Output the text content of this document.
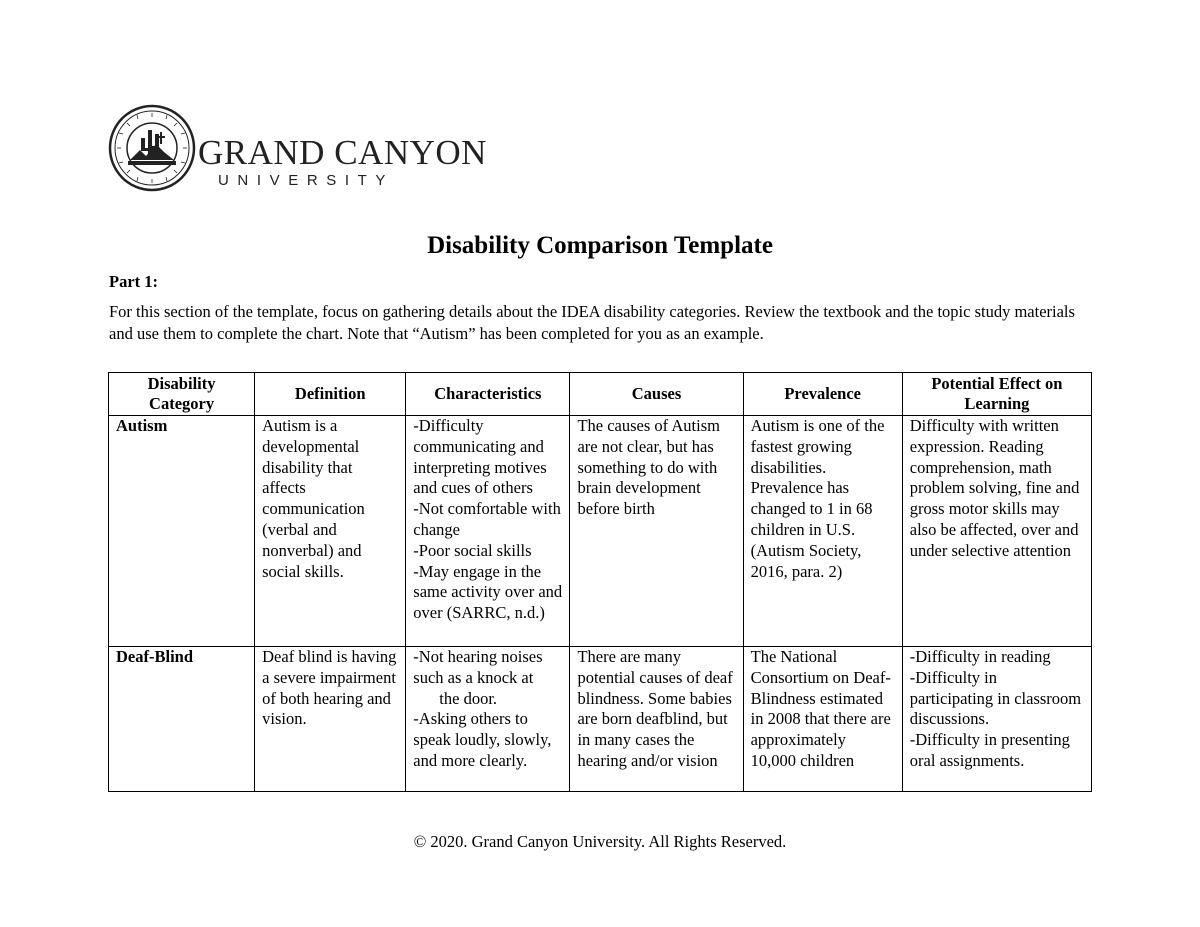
GRAND CANYON
UNIVERSITY
Disability Comparison Template
Part 1:
For this section of the template, focus on gathering details about the IDEA disability categories. Review the textbook and the topic study materials and use them to complete the chart. Note that “Autism” has been completed for you as an example.
Disability Category	Definition	Characteristics	Causes	Prevalence	Potential Effect on Learning
Autism	Autism is a developmental disability that affects communication (verbal and nonverbal) and social skills.	-Difficulty communicating and interpreting motives and cues of others
-Not comfortable with change
-Poor social skills
-May engage in the same activity over and over (SARRC, n.d.)	The causes of Autism are not clear, but has something to do with brain development before birth	Autism is one of the fastest growing disabilities. Prevalence has changed to 1 in 68 children in U.S. (Autism Society, 2016, para. 2)	Difficulty with written expression. Reading comprehension, math problem solving, fine and gross motor skills may also be affected, over and under selective attention

Deaf-Blind	Deaf blind is having a severe impairment of both hearing and vision.	-Not hearing noises such as a knock at
the door.
-Asking others to speak loudly, slowly, and more clearly.	There are many potential causes of deaf blindness. Some babies are born deafblind, but in many cases the hearing and/or vision	The National Consortium on Deaf-Blindness estimated in 2008 that there are approximately 10,000 children	-Difficulty in reading
-Difficulty in participating in classroom discussions.
-Difficulty in presenting oral assignments.
© 2020. Grand Canyon University. All Rights Reserved.
